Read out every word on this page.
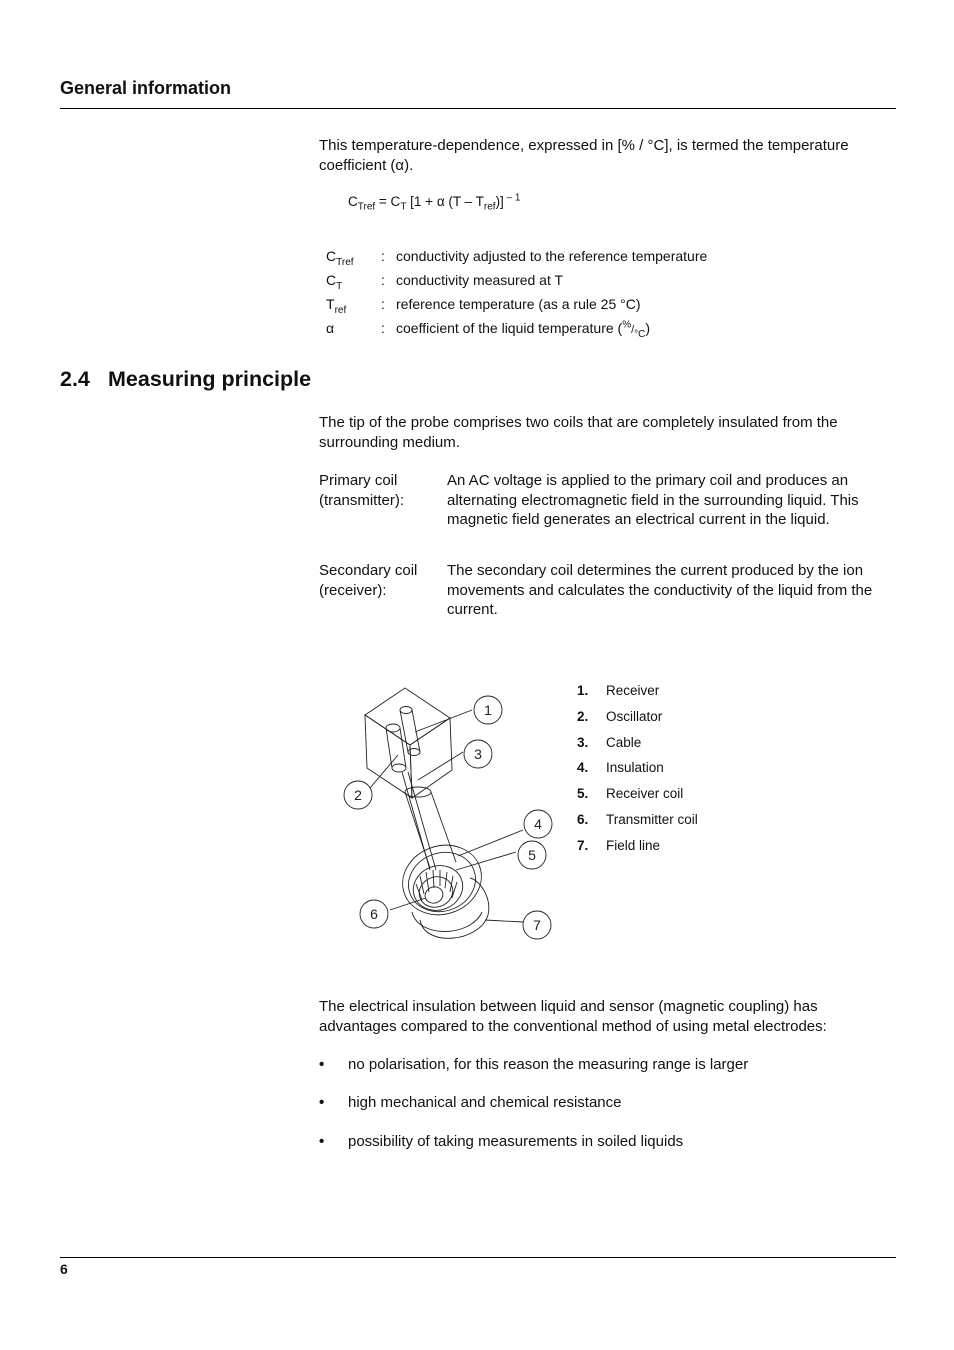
General information
This temperature-dependence, expressed in [% / °C], is termed the temperature coefficient (α).
$C_{Tref} = C_T$ [1 + α $(T - T_{ref})$] $^{- 1}$
$C_{Tref}$	: conductivity adjusted to the reference temperature
$C_T$	: conductivity measured at T
$T_{ref}$	: reference temperature (as a rule 25 °C)
α	: coefficient of the liquid temperature $(^{\%}/_{^\circ C})$
2.4 Measuring principle
The tip of the probe comprises two coils that are completely insulated from the surrounding medium.
Primary coil (transmitter):
An AC voltage is applied to the primary coil and produces an alternating electromagnetic field in the surrounding liquid. This magnetic field generates an electrical current in the liquid.
Secondary coil (receiver):
The secondary coil determines the current produced by the ion movements and calculates the conductivity of the liquid from the current.
1
3
2
4
5
6
7
1. Receiver
2. Oscillator
3. Cable
4. Insulation
5. Receiver coil
6. Transmitter coil
7. Field line
The electrical insulation between liquid and sensor (magnetic coupling) has advantages compared to the conventional method of using metal electrodes:
• no polarisation, for this reason the measuring range is larger
• high mechanical and chemical resistance
• possibility of taking measurements in soiled liquids
6
